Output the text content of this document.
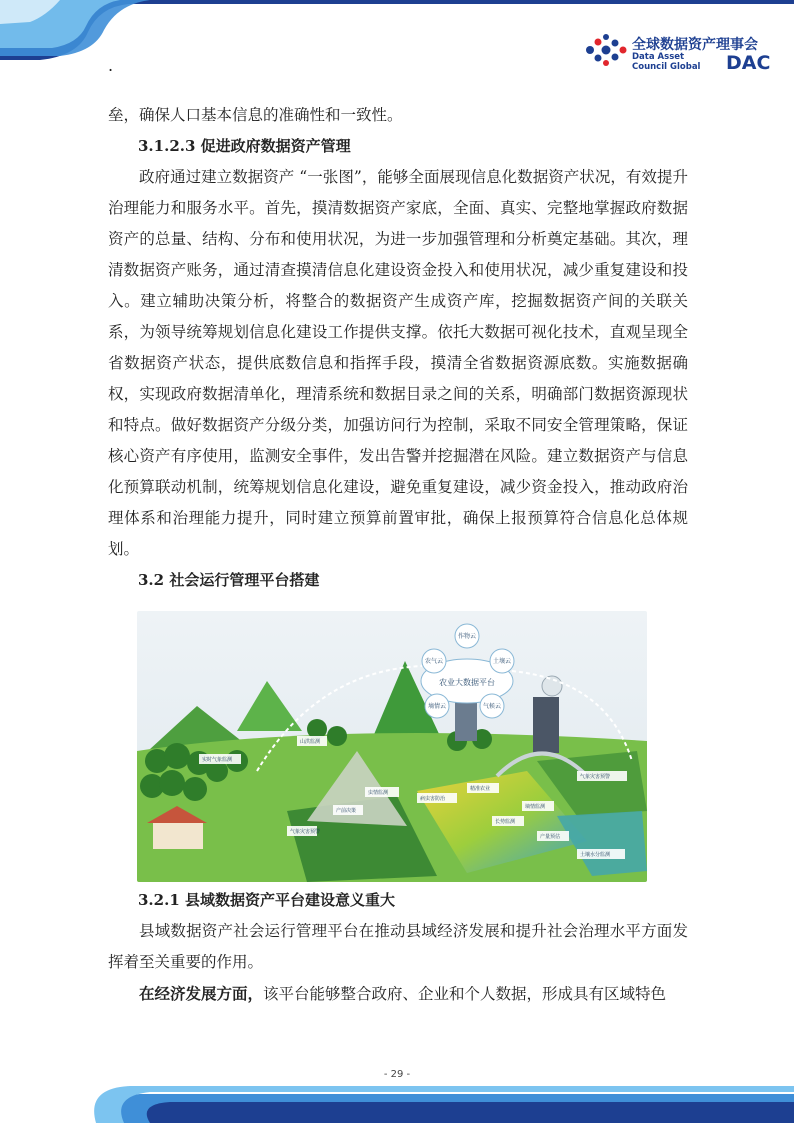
.
全球数据资产理事会
Data Asset
Council Global DAC

垒，确保人口基本信息的准确性和一致性。

3.1.2.3 促进政府数据资产管理

政府通过建立数据资产 “一张图”，能够全面展现信息化数据资产状况，有效提升治理能力和服务水平。首先，摸清数据资产家底，全面、真实、完整地掌握政府数据资产的总量、结构、分布和使用状况，为进一步加强管理和分析奠定基础。其次，理清数据资产账务，通过清查摸清信息化建设资金投入和使用状况，减少重复建设和投入。建立辅助决策分析，将整合的数据资产生成资产库，挖掘数据资产间的关联关系，为领导统筹规划信息化建设工作提供支撑。依托大数据可视化技术，直观呈现全省数据资产状态，提供底数信息和指挥手段，摸清全省数据资源底数。实施数据确权，实现政府数据清单化，理清系统和数据目录之间的关系，明确部门数据资源现状和特点。做好数据资产分级分类，加强访问行为控制，采取不同安全管理策略，保证核心资产有序使用，监测安全事件，发出告警并挖掘潜在风险。建立数据资产与信息化预算联动机制，统筹规划信息化建设，避免重复建设，减少资金投入，推动政府治理体系和治理能力提升，同时建立预算前置审批，确保上报预算符合信息化总体规划。

3.2 社会运行管理平台搭建
农业大数据平台
作物云
土壤云
气候云
墒情云
农气云
实时气象监测
山洪监测
虫情监测
产前决策
病虫害防治
精准农业
气象灾害预警
墒情监测
长势监测
产量预估
土壤水分监测
气象灾害预警
3.2.1 县域数据资产平台建设意义重大

县域数据资产社会运行管理平台在推动县域经济发展和提升社会治理水平方面发挥着至关重要的作用。

在经济发展方面，该平台能够整合政府、企业和个人数据，形成具有区域特色

- 29 -
